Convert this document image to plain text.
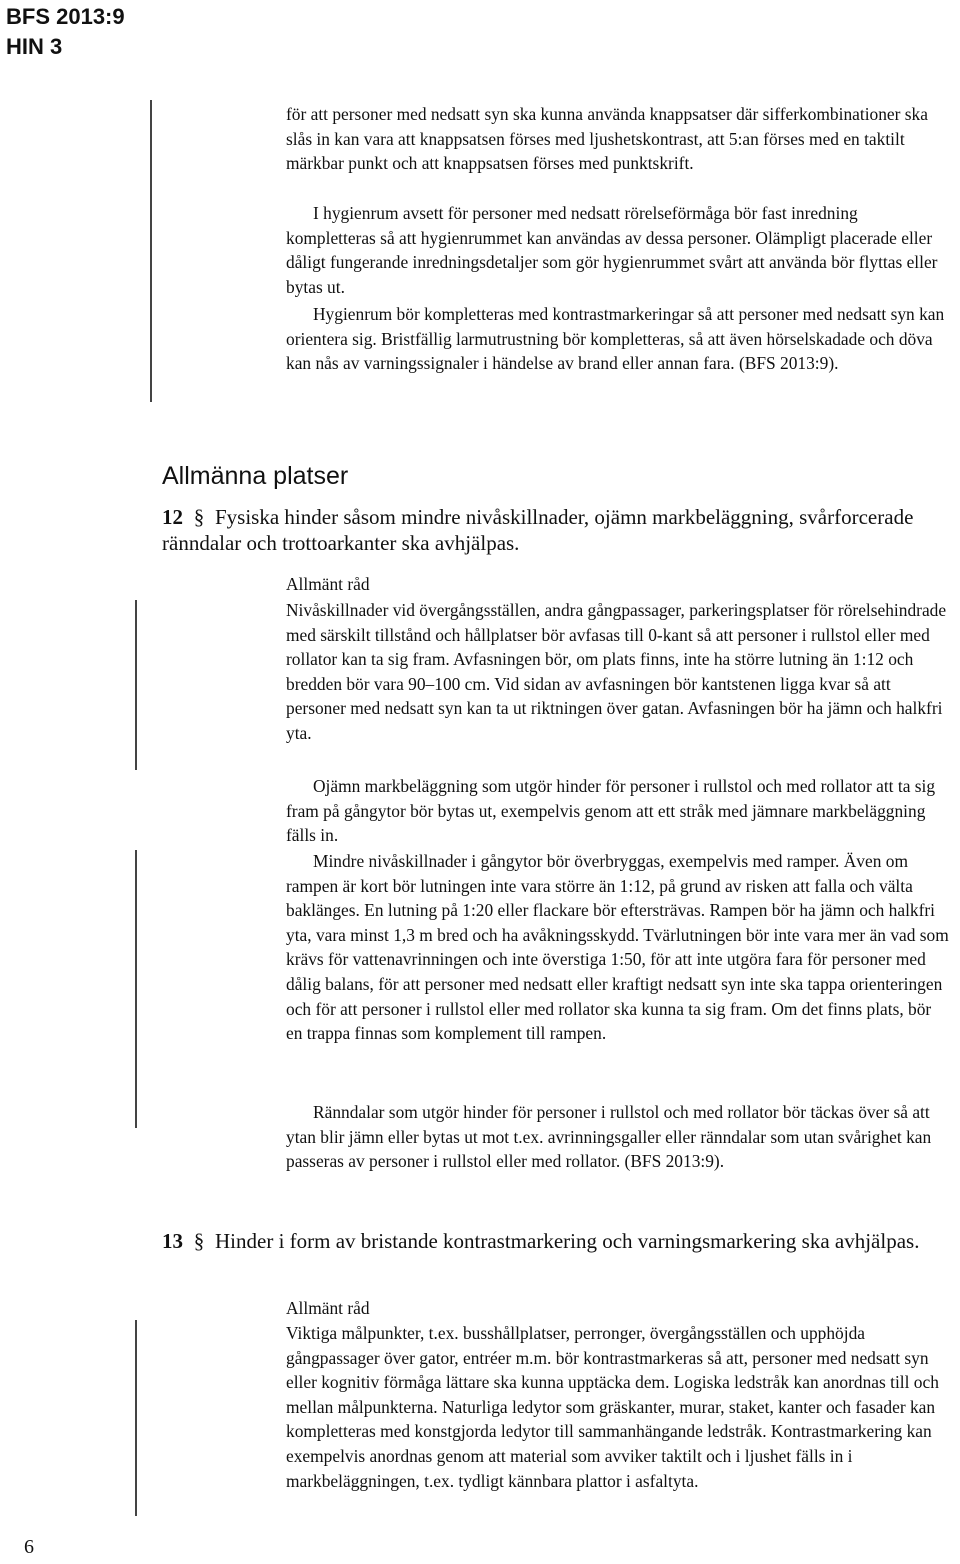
BFS 2013:9
HIN 3

för att personer med nedsatt syn ska kunna använda knappsatser där sifferkombinationer ska slås in kan vara att knappsatsen förses med ljushetskontrast, att 5:an förses med en taktilt märkbar punkt och att knappsatsen förses med punktskrift.

I hygienrum avsett för personer med nedsatt rörelseförmåga bör fast inredning kompletteras så att hygienrummet kan användas av dessa personer. Olämpligt placerade eller dåligt fungerande inredningsdetaljer som gör hygienrummet svårt att använda bör flyttas eller bytas ut.

Hygienrum bör kompletteras med kontrastmarkeringar så att personer med nedsatt syn kan orientera sig. Bristfällig larmutrustning bör kompletteras, så att även hörselskadade och döva kan nås av varningssignaler i händelse av brand eller annan fara. (BFS 2013:9).

Allmänna platser

12 § Fysiska hinder såsom mindre nivåskillnader, ojämn markbeläggning, svårforcerade ränndalar och trottoarkanter ska avhjälpas.

Allmänt råd

Nivåskillnader vid övergångsställen, andra gångpassager, parkeringsplatser för rörelsehindrade med särskilt tillstånd och hållplatser bör avfasas till 0-kant så att personer i rullstol eller med rollator kan ta sig fram. Avfasningen bör, om plats finns, inte ha större lutning än 1:12 och bredden bör vara 90–100 cm. Vid sidan av avfasningen bör kantstenen ligga kvar så att personer med nedsatt syn kan ta ut riktningen över gatan. Avfasningen bör ha jämn och halkfri yta.

Ojämn markbeläggning som utgör hinder för personer i rullstol och med rollator att ta sig fram på gångytor bör bytas ut, exempelvis genom att ett stråk med jämnare markbeläggning fälls in.

Mindre nivåskillnader i gångytor bör överbryggas, exempelvis med ramper. Även om rampen är kort bör lutningen inte vara större än 1:12, på grund av risken att falla och välta baklänges. En lutning på 1:20 eller flackare bör eftersträvas. Rampen bör ha jämn och halkfri yta, vara minst 1,3 m bred och ha avåkningsskydd. Tvärlutningen bör inte vara mer än vad som krävs för vattenavrinningen och inte överstiga 1:50, för att inte utgöra fara för personer med dålig balans, för att personer med nedsatt eller kraftigt nedsatt syn inte ska tappa orienteringen och för att personer i rullstol eller med rollator ska kunna ta sig fram. Om det finns plats, bör en trappa finnas som komplement till rampen.

Ränndalar som utgör hinder för personer i rullstol och med rollator bör täckas över så att ytan blir jämn eller bytas ut mot t.ex. avrinningsgaller eller ränndalar som utan svårighet kan passeras av personer i rullstol eller med rollator. (BFS 2013:9).

13 § Hinder i form av bristande kontrastmarkering och varningsmarkering ska avhjälpas.

Allmänt råd

Viktiga målpunkter, t.ex. busshållplatser, perronger, övergångsställen och upphöjda gångpassager över gator, entréer m.m. bör kontrastmarkeras så att, personer med nedsatt syn eller kognitiv förmåga lättare ska kunna upptäcka dem. Logiska ledstråk kan anordnas till och mellan målpunkterna. Naturliga ledytor som gräskanter, murar, staket, kanter och fasader kan kompletteras med konstgjorda ledytor till sammanhängande ledstråk. Kontrastmarkering kan exempelvis anordnas genom att material som avviker taktilt och i ljushet fälls in i markbeläggningen, t.ex. tydligt kännbara plattor i asfaltyta.

6
